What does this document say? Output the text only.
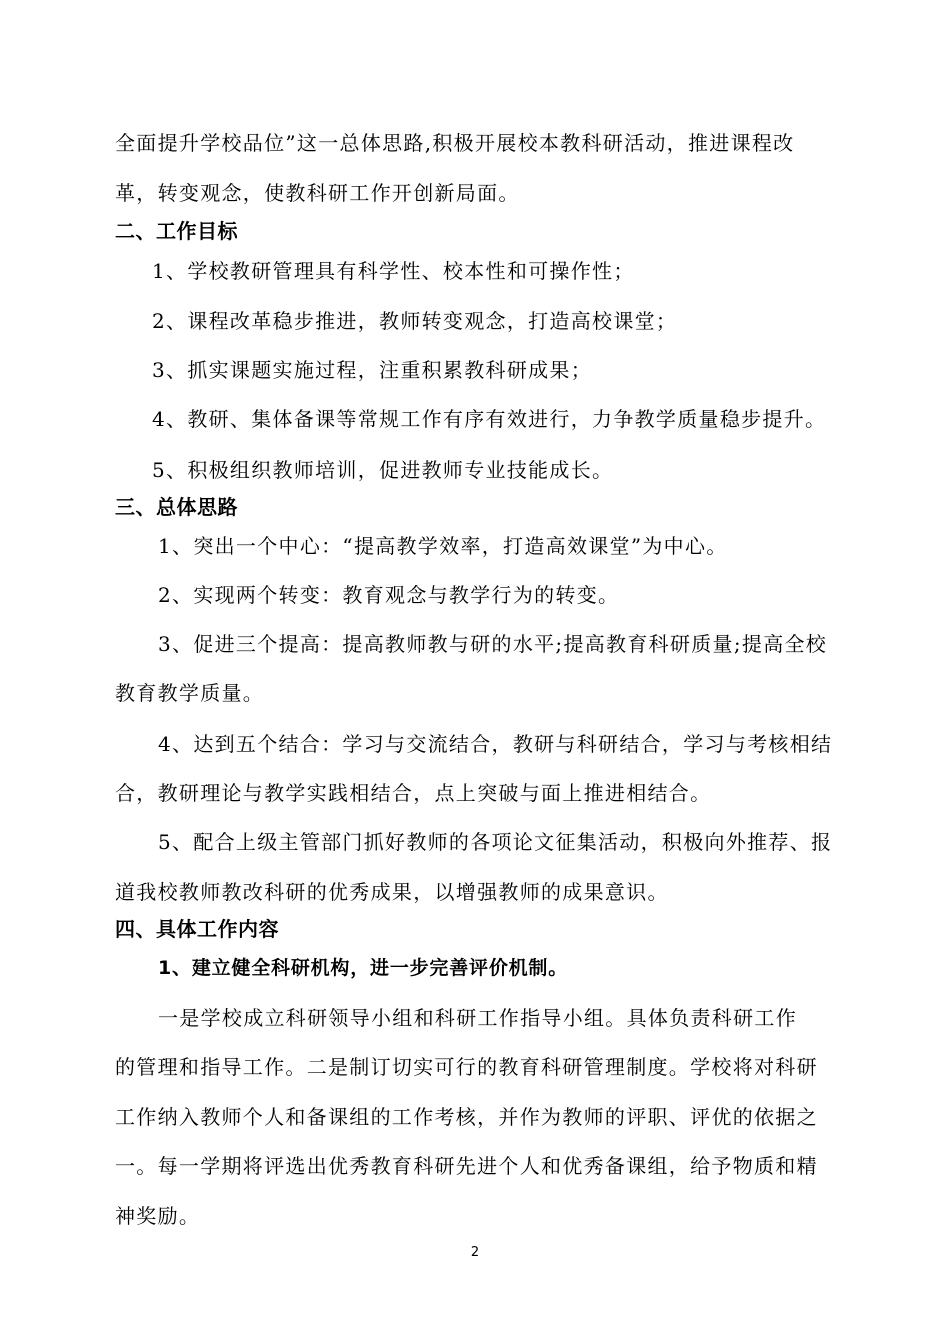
全面提升学校品位”这一总体思路,积极开展校本教科研活动，推进课程改
革，转变观念，使教科研工作开创新局面。
二、工作目标
1、学校教研管理具有科学性、校本性和可操作性；
2、课程改革稳步推进，教师转变观念，打造高校课堂；
3、抓实课题实施过程，注重积累教科研成果；
4、教研、集体备课等常规工作有序有效进行，力争教学质量稳步提升。
5、积极组织教师培训，促进教师专业技能成长。
三、总体思路
1、突出一个中心：“提高教学效率，打造高效课堂”为中心。
2、实现两个转变：教育观念与教学行为的转变。
3、促进三个提高：提高教师教与研的水平;提高教育科研质量;提高全校
教育教学质量。
4、达到五个结合：学习与交流结合，教研与科研结合，学习与考核相结
合，教研理论与教学实践相结合，点上突破与面上推进相结合。
5、配合上级主管部门抓好教师的各项论文征集活动，积极向外推荐、报
道我校教师教改科研的优秀成果，以增强教师的成果意识。
四、具体工作内容
1、建立健全科研机构，进一步完善评价机制。
一是学校成立科研领导小组和科研工作指导小组。具体负责科研工作
的管理和指导工作。二是制订切实可行的教育科研管理制度。学校将对科研
工作纳入教师个人和备课组的工作考核，并作为教师的评职、评优的依据之
一。每一学期将评选出优秀教育科研先进个人和优秀备课组，给予物质和精
神奖励。
2
